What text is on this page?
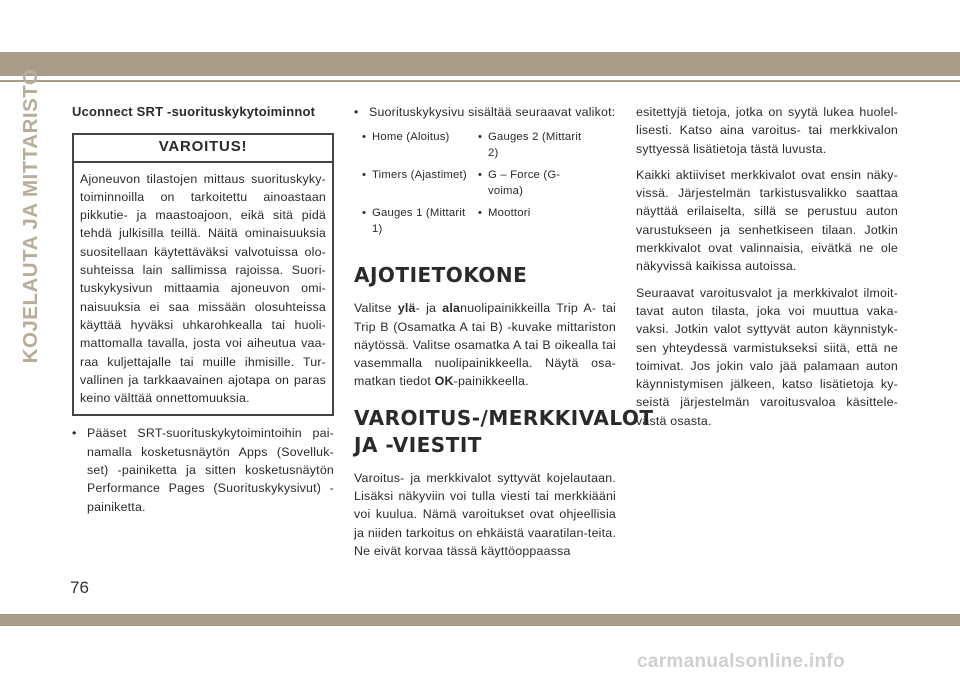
KOJELAUTA JA MITTARISTO Uconnect SRT -suorituskykytoiminnot
VAROITUS!
Ajoneuvon tilastojen mittaus suorituskyky-toiminnoilla on tarkoitettu ainoastaan pikkutie- ja maastoajoon, eikä sitä pidä tehdä julkisilla teillä. Näitä ominaisuuksia suositellaan käytettäväksi valvotuissa olo-suhteissa lain sallimissa rajoissa. Suori-tuskykysivun mittaamia ajoneuvon omi-naisuuksia ei saa missään olosuhteissa käyttää hyväksi uhkarohkealla tai huoli-mattomalla tavalla, josta voi aiheutua vaa-raa kuljettajalle tai muille ihmisille. Tur-vallinen ja tarkkaavainen ajotapa on paras keino välttää onnettomuuksia.
• Pääset SRT-suorituskykytoimintoihin pai-namalla kosketusnäytön Apps (Sovelluk-set) -painiketta ja sitten kosketusnäytön Performance Pages (Suorituskykysivut) -painiketta.
• Suorituskykysivu sisältää seuraavat valikot:
• Home (Aloitus)	• Gauges 2 (Mittarit 2)
• Timers (Ajastimet) • G – Force (G-voima)
• Gauges 1 (Mittarit 1)
• Moottori
AJOTIETOKONE

Valitse ylä- ja alanuolipainikkeilla Trip A- tai Trip B (Osamatka A tai B) -kuvake mittariston näytössä. Valitse osamatka A tai B oikealla tai vasemmalla nuolipainikkeella. Näytä osa-matkan tiedot OK-painikkeella.

VAROITUS-/MERKKIVALOT JA -VIESTIT

Varoitus- ja merkkivalot syttyvät kojelautaan. Lisäksi näkyviin voi tulla viesti tai merkkiääni voi kuulua. Nämä varoitukset ovat ohjeellisia ja niiden tarkoitus on ehkäistä vaaratilan-teita. Ne eivät korvaa tässä käyttöoppaassa

esitettyjä tietoja, jotka on syytä lukea huolel-lisesti. Katso aina varoitus- tai merkkivalon syttyessä lisätietoja tästä luvusta.

Kaikki aktiiviset merkkivalot ovat ensin näky-vissä. Järjestelmän tarkistusvalikko saattaa näyttää erilaiselta, sillä se perustuu auton varustukseen ja senhetkiseen tilaan. Jotkin merkkivalot ovat valinnaisia, eivätkä ne ole näkyvissä kaikissa autoissa.

Seuraavat varoitusvalot ja merkkivalot ilmoit-tavat auton tilasta, joka voi muuttua vaka-vaksi. Jotkin valot syttyvät auton käynnistyk-sen yhteydessä varmistukseksi siitä, että ne toimivat. Jos jokin valo jää palamaan auton käynnistymisen jälkeen, katso lisätietoja ky-seistä järjestelmän varoitusvaloa käsittele-västä osasta.

76
carmanualsonline.info
